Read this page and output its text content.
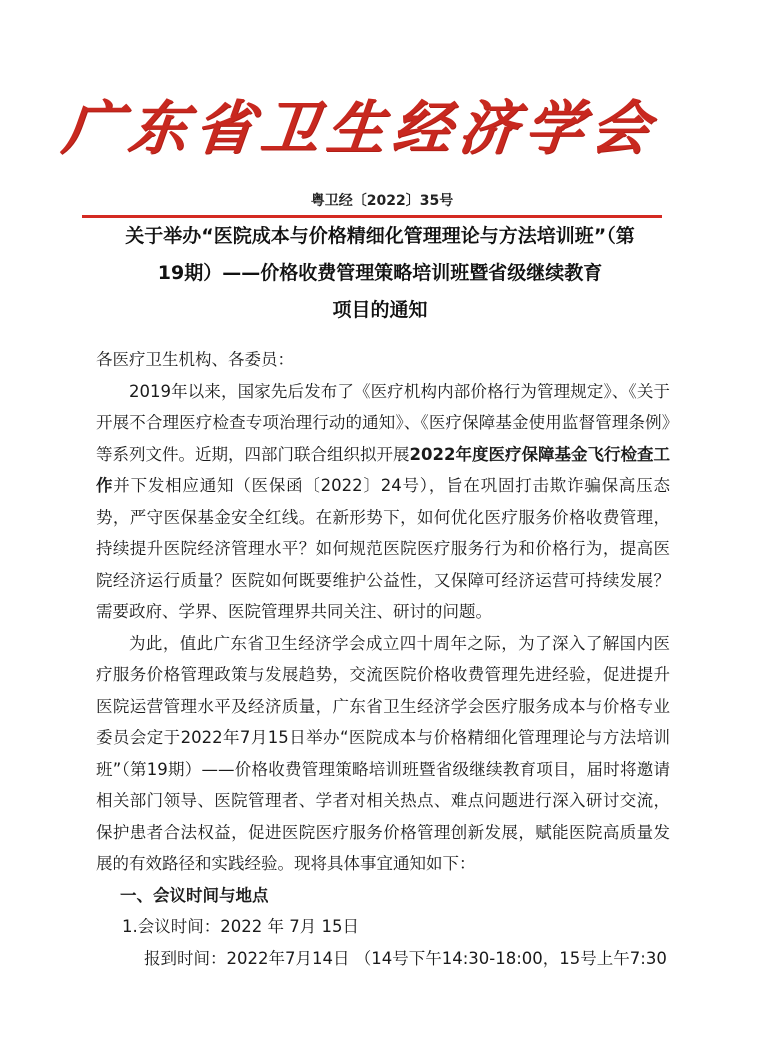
广东省卫生经济学会
粤卫经〔2022〕35号
关于举办“医院成本与价格精细化管理理论与方法培训班”（第
19期）——价格收费管理策略培训班暨省级继续教育
项目的通知

各医疗卫生机构、各委员：

2019年以来，国家先后发布了《医疗机构内部价格行为管理规定》、《关于开展不合理医疗检查专项治理行动的通知》、《医疗保障基金使用监督管理条例》等系列文件。近期，四部门联合组织拟开展2022年度医疗保障基金飞行检查工作并下发相应通知（医保函〔2022〕24号），旨在巩固打击欺诈骗保高压态势，严守医保基金安全红线。在新形势下，如何优化医疗服务价格收费管理，持续提升医院经济管理水平？如何规范医院医疗服务行为和价格行为，提高医院经济运行质量？医院如何既要维护公益性，又保障可经济运营可持续发展？需要政府、学界、医院管理界共同关注、研讨的问题。

为此，值此广东省卫生经济学会成立四十周年之际，为了深入了解国内医疗服务价格管理政策与发展趋势，交流医院价格收费管理先进经验，促进提升医院运营管理水平及经济质量，广东省卫生经济学会医疗服务成本与价格专业委员会定于2022年7月15日举办“医院成本与价格精细化管理理论与方法培训班”（第19期）——价格收费管理策略培训班暨省级继续教育项目，届时将邀请相关部门领导、医院管理者、学者对相关热点、难点问题进行深入研讨交流，保护患者合法权益，促进医院医疗服务价格管理创新发展，赋能医院高质量发展的有效路径和实践经验。现将具体事宜通知如下：

一、会议时间与地点

1.会议时间：2022 年 7月 15日

报到时间：2022年7月14日 （14号下午14:30-18:00，15号上午7:30
